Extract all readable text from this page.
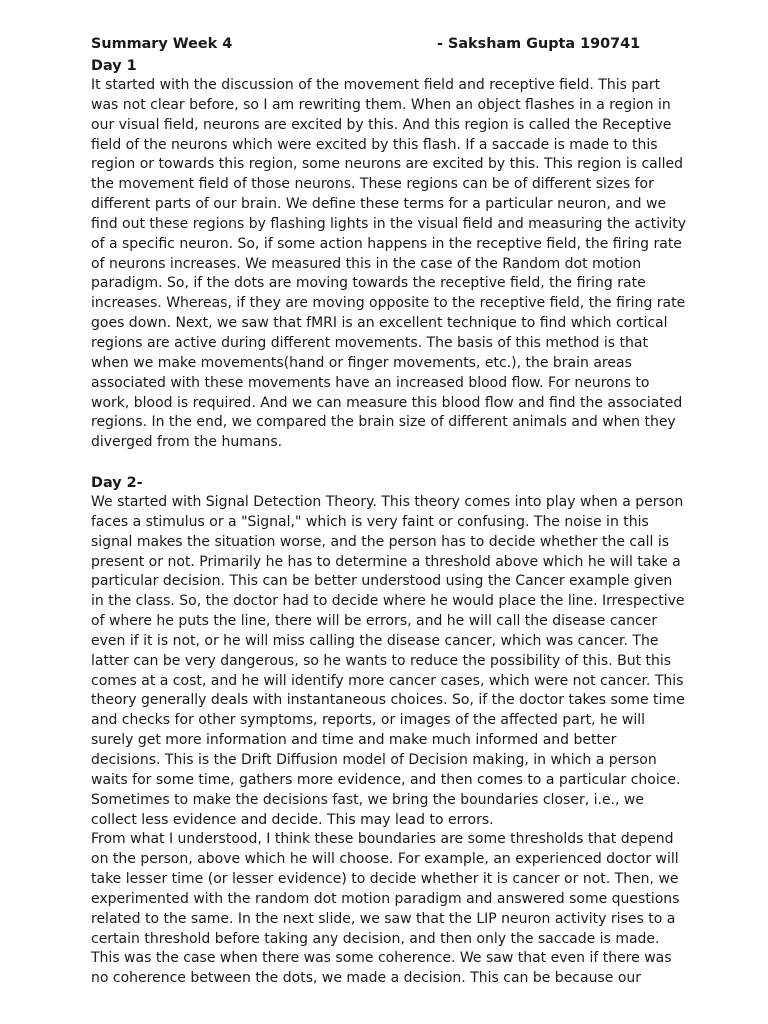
Summary Week 4	- Saksham Gupta 190741

Day 1

It started with the discussion of the movement field and receptive field. This part was not clear before, so I am rewriting them. When an object flashes in a region in our visual field, neurons are excited by this. And this region is called the Receptive field of the neurons which were excited by this flash. If a saccade is made to this region or towards this region, some neurons are excited by this. This region is called the movement field of those neurons. These regions can be of different sizes for different parts of our brain. We define these terms for a particular neuron, and we find out these regions by flashing lights in the visual field and measuring the activity of a specific neuron. So, if some action happens in the receptive field, the firing rate of neurons increases. We measured this in the case of the Random dot motion paradigm. So, if the dots are moving towards the receptive field, the firing rate increases. Whereas, if they are moving opposite to the receptive field, the firing rate goes down. Next, we saw that fMRI is an excellent technique to find which cortical regions are active during different movements. The basis of this method is that when we make movements(hand or finger movements, etc.), the brain areas associated with these movements have an increased blood flow. For neurons to work, blood is required. And we can measure this blood flow and find the associated regions. In the end, we compared the brain size of different animals and when they diverged from the humans.

Day 2-

We started with Signal Detection Theory. This theory comes into play when a person faces a stimulus or a "Signal," which is very faint or confusing. The noise in this signal makes the situation worse, and the person has to decide whether the call is present or not. Primarily he has to determine a threshold above which he will take a particular decision. This can be better understood using the Cancer example given in the class. So, the doctor had to decide where he would place the line. Irrespective of where he puts the line, there will be errors, and he will call the disease cancer even if it is not, or he will miss calling the disease cancer, which was cancer. The latter can be very dangerous, so he wants to reduce the possibility of this. But this comes at a cost, and he will identify more cancer cases, which were not cancer. This theory generally deals with instantaneous choices. So, if the doctor takes some time and checks for other symptoms, reports, or images of the affected part, he will surely get more information and time and make much informed and better decisions. This is the Drift Diffusion model of Decision making, in which a person waits for some time, gathers more evidence, and then comes to a particular choice. Sometimes to make the decisions fast, we bring the boundaries closer, i.e., we collect less evidence and decide. This may lead to errors.

From what I understood, I think these boundaries are some thresholds that depend on the person, above which he will choose. For example, an experienced doctor will take lesser time (or lesser evidence) to decide whether it is cancer or not. Then, we experimented with the random dot motion paradigm and answered some questions related to the same. In the next slide, we saw that the LIP neuron activity rises to a certain threshold before taking any decision, and then only the saccade is made. This was the case when there was some coherence. We saw that even if there was no coherence between the dots, we made a decision. This can be because our
